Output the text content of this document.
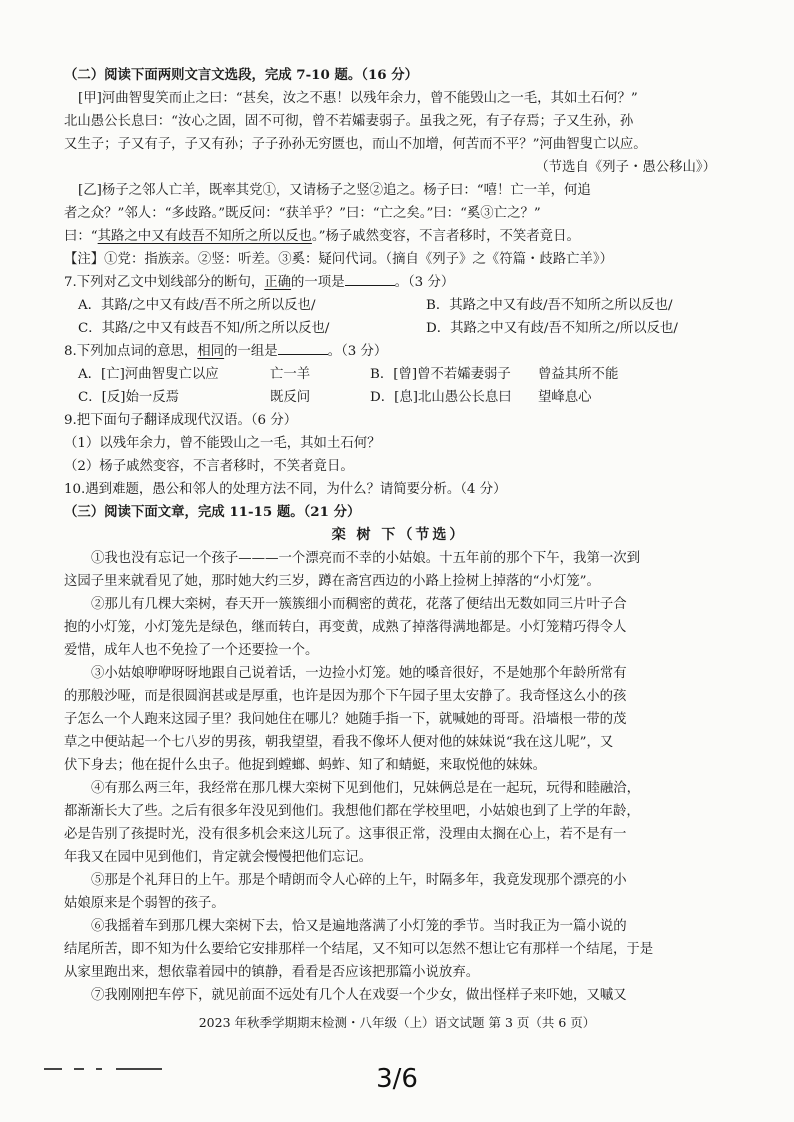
（二）阅读下面两则文言文选段，完成 7-10 题。（16 分）
[甲]河曲智叟笑而止之曰：“甚矣，汝之不惠！以残年余力，曾不能毁山之一毛，其如土石何？”
北山愚公长息曰：“汝心之固，固不可彻，曾不若孀妻弱子。虽我之死，有子存焉；子又生孙，孙
又生子；子又有子，子又有孙；子子孙孙无穷匮也，而山不加增，何苦而不平？”河曲智叟亡以应。
（节选自《列子・愚公移山》）
[乙]杨子之邻人亡羊，既率其党①，又请杨子之竖②追之。杨子曰：“嘻！亡一羊，何追
者之众？”邻人：“多歧路。”既反问：“获羊乎？”曰：“亡之矣。”曰：“奚③亡之？”
曰：“其路之中又有歧吾不知所之所以反也。”杨子戚然变容，不言者移时，不笑者竟日。
【注】①党：指族亲。②竖：听差。③奚：疑问代词。（摘自《列子》之《符篇・歧路亡羊》）
7.下列对乙文中划线部分的断句，正确的一项是	。（3 分）
A．其路/之中又有歧/吾不所之所以反也/	B．其路之中又有歧/吾不知所之所以反也/
C．其路/之中又有歧吾不知/所之所以反也/	D．其路之中又有歧/吾不知所之/所以反也/
8.下列加点词的意思，相同的一组是	。（3 分）
A．[亡]河曲智叟亡以应	亡一羊	B．[曾]曾不若孀妻弱子 曾益其所不能
C．[反]始一反焉	既反问	D．[息]北山愚公长息曰 望峰息心
9.把下面句子翻译成现代汉语。（6 分）
（1）以残年余力，曾不能毁山之一毛，其如土石何？
（2）杨子戚然变容，不言者移时，不笑者竟日。
10.遇到难题，愚公和邻人的处理方法不同，为什么？请简要分析。（4 分）
（三）阅读下面文章，完成 11-15 题。（21 分）
栾 树 下（节选）
①我也没有忘记一个孩子———一个漂亮而不幸的小姑娘。十五年前的那个下午，我第一次到
这园子里来就看见了她，那时她大约三岁，蹲在斋宫西边的小路上捡树上掉落的“小灯笼”。
②那儿有几棵大栾树，春天开一簇簇细小而稠密的黄花，花落了便结出无数如同三片叶子合
抱的小灯笼，小灯笼先是绿色，继而转白，再变黄，成熟了掉落得满地都是。小灯笼精巧得令人
爱惜，成年人也不免捡了一个还要捡一个。
③小姑娘咿咿呀呀地跟自己说着话，一边捡小灯笼。她的嗓音很好，不是她那个年龄所常有
的那般沙哑，而是很圆润甚或是厚重，也许是因为那个下午园子里太安静了。我奇怪这么小的孩
子怎么一个人跑来这园子里？我问她住在哪儿？她随手指一下，就喊她的哥哥。沿墙根一带的茂
草之中便站起一个七八岁的男孩，朝我望望，看我不像坏人便对他的妹妹说“我在这儿呢”，又
伏下身去；他在捉什么虫子。他捉到螳螂、蚂蚱、知了和蜻蜓，来取悦他的妹妹。
④有那么两三年，我经常在那几棵大栾树下见到他们，兄妹俩总是在一起玩，玩得和睦融洽，
都渐渐长大了些。之后有很多年没见到他们。我想他们都在学校里吧，小姑娘也到了上学的年龄，
必是告别了孩提时光，没有很多机会来这儿玩了。这事很正常，没理由太搁在心上，若不是有一
年我又在园中见到他们，肯定就会慢慢把他们忘记。
⑤那是个礼拜日的上午。那是个晴朗而令人心碎的上午，时隔多年，我竟发现那个漂亮的小
姑娘原来是个弱智的孩子。
⑥我摇着车到那几棵大栾树下去，恰又是遍地落满了小灯笼的季节。当时我正为一篇小说的
结尾所苦，即不知为什么要给它安排那样一个结尾，又不知可以怎然不想让它有那样一个结尾，于是
从家里跑出来，想依靠着园中的镇静，看看是否应该把那篇小说放弃。
⑦我刚刚把车停下，就见前面不远处有几个人在戏耍一个少女，做出怪样子来吓她，又嘁又
2023 年秋季学期期末检测・八年级（上）语文试题 第 3 页（共 6 页）
3/6
